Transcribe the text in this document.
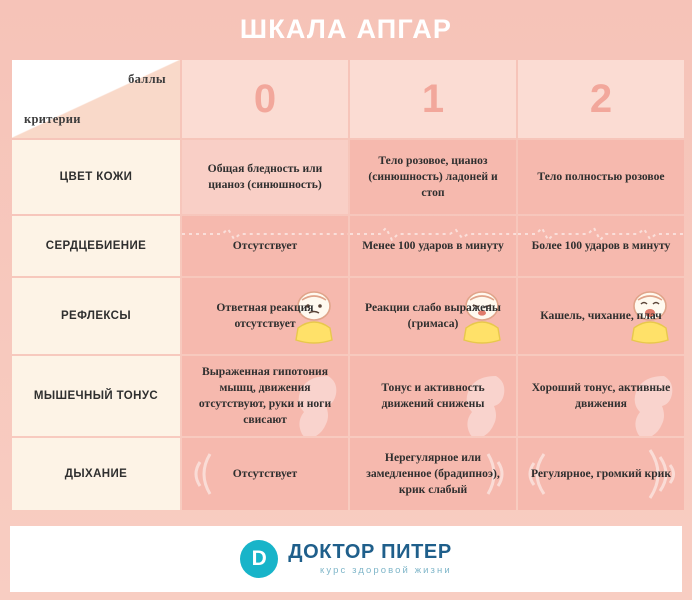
ШКАЛА АПГАР
баллы
критерии	0	1	2
ЦВЕТ КОЖИ	Общая бледность или цианоз (синюшность)	Тело розовое, цианоз (синюшность) ладоней и стоп	Тело полностью розовое
СЕРДЦЕБИЕНИЕ	Отсутствует	Менее 100 ударов в минуту	Более 100 ударов в минуту
РЕФЛЕКСЫ	Ответная реакция отсутствует	Реакции слабо выражены (гримаса)	Кашель, чихание, плач
МЫШЕЧНЫЙ ТОНУС	Выраженная гипотония мышц, движения отсутствуют, руки и ноги свисают	Тонус и активность движений снижены	Хороший тонус, активные движения
ДЫХАНИЕ	Отсутствует	Нерегулярное или замедленное (брадипноэ), крик слабый	Регулярное, громкий крик
D	ДОКТОР ПИТЕР
курс здоровой жизни
